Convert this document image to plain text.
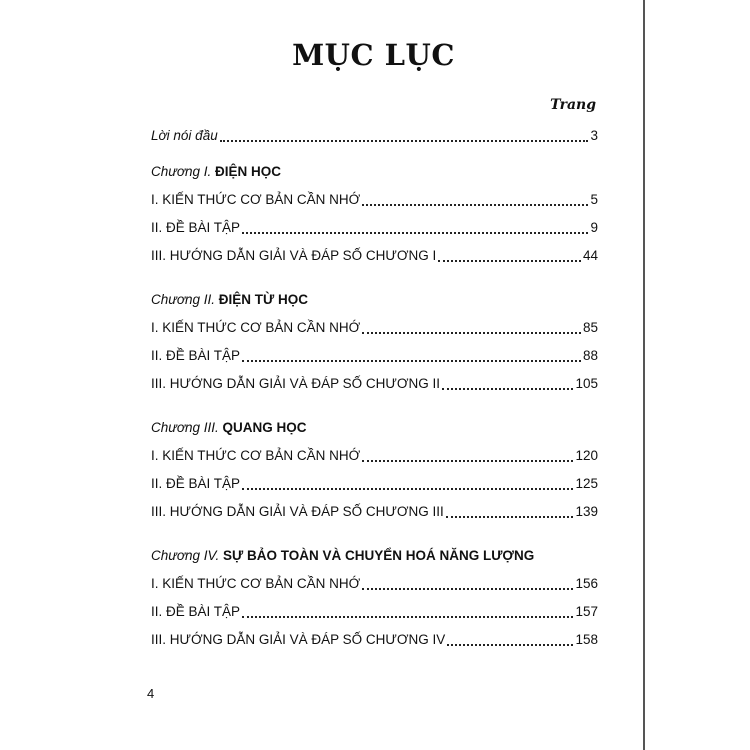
MỤC LỤC
Trang
Lời nói đầu	3
Chương I. ĐIỆN HỌC
I. KIẾN THỨC CƠ BẢN CẦN NHỚ	5
II. ĐỀ BÀI TẬP	9
III. HƯỚNG DẪN GIẢI VÀ ĐÁP SỐ CHƯƠNG I	44
Chương II. ĐIỆN TỪ HỌC
I. KIẾN THỨC CƠ BẢN CẦN NHỚ	85
II. ĐỀ BÀI TẬP	88
III. HƯỚNG DẪN GIẢI VÀ ĐÁP SỐ CHƯƠNG II	105
Chương III. QUANG HỌC
I. KIẾN THỨC CƠ BẢN CẦN NHỚ	120
II. ĐỀ BÀI TẬP	125
III. HƯỚNG DẪN GIẢI VÀ ĐÁP SỐ CHƯƠNG III	139
Chương IV. SỰ BẢO TOÀN VÀ CHUYỂN HOÁ NĂNG LƯỢNG
I. KIẾN THỨC CƠ BẢN CẦN NHỚ	156
II. ĐỀ BÀI TẬP	157
III. HƯỚNG DẪN GIẢI VÀ ĐÁP SỐ CHƯƠNG IV	158
4
